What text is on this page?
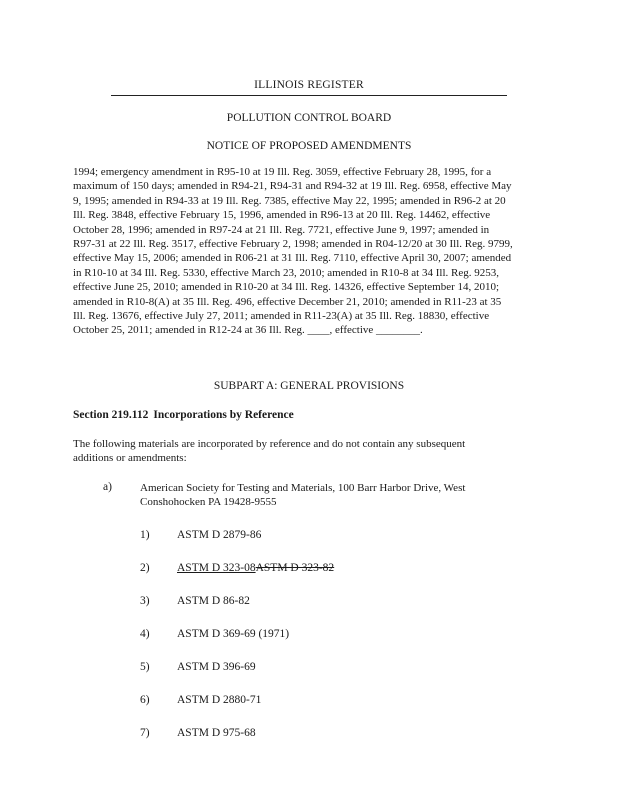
ILLINOIS REGISTER
POLLUTION CONTROL BOARD
NOTICE OF PROPOSED AMENDMENTS

1994; emergency amendment in R95-10 at 19 Ill. Reg. 3059, effective February 28, 1995, for a maximum of 150 days; amended in R94-21, R94-31 and R94-32 at 19 Ill. Reg. 6958, effective May 9, 1995; amended in R94-33 at 19 Ill. Reg. 7385, effective May 22, 1995; amended in R96-2 at 20 Ill. Reg. 3848, effective February 15, 1996, amended in R96-13 at 20 Ill. Reg. 14462, effective October 28, 1996; amended in R97-24 at 21 Ill. Reg. 7721, effective June 9, 1997; amended in R97-31 at 22 Ill. Reg. 3517, effective February 2, 1998; amended in R04-12/20 at 30 Ill. Reg. 9799, effective May 15, 2006; amended in R06-21 at 31 Ill. Reg. 7110, effective April 30, 2007; amended in R10-10 at 34 Ill. Reg. 5330, effective March 23, 2010; amended in R10-8 at 34 Ill. Reg. 9253, effective June 25, 2010; amended in R10-20 at 34 Ill. Reg. 14326, effective September 14, 2010; amended in R10-8(A) at 35 Ill. Reg. 496, effective December 21, 2010; amended in R11-23 at 35 Ill. Reg. 13676, effective July 27, 2011; amended in R11-23(A) at 35 Ill. Reg. 18830, effective October 25, 2011; amended in R12-24 at 36 Ill. Reg. ____, effective ________.

SUBPART A: GENERAL PROVISIONS

Section 219.112 Incorporations by Reference

The following materials are incorporated by reference and do not contain any subsequent additions or amendments:

a)	American Society for Testing and Materials, 100 Barr Harbor Drive, West Conshohocken PA 19428-9555

1) ASTM D 2879-86
2) ASTM D 323-08ASTM D 323-82
3) ASTM D 86-82
4) ASTM D 369-69 (1971)
5) ASTM D 396-69
6) ASTM D 2880-71
7) ASTM D 975-68
